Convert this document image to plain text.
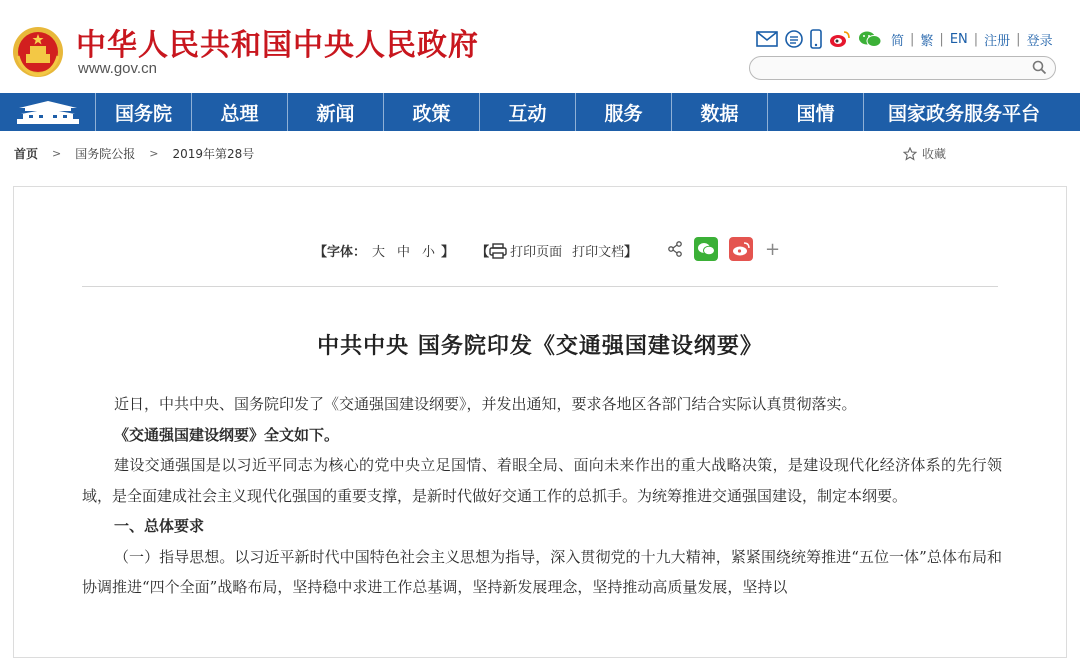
中华人民共和国中央人民政府
www.gov.cn
简 | 繁 | EN | 注册 | 登录
国务院	总理	新闻	政策	互动	服务	数据	国情	国家政务服务平台
首页 > 国务院公报 > 2019年第28号	收藏
【字体： 大 中 小 】 【 打印页面 打印文档 】	+
中共中央 国务院印发《交通强国建设纲要》

近日，中共中央、国务院印发了《交通强国建设纲要》，并发出通知，要求各地区各部门结合实际认真贯彻落实。

《交通强国建设纲要》全文如下。

建设交通强国是以习近平同志为核心的党中央立足国情、着眼全局、面向未来作出的重大战略决策，是建设现代化经济体系的先行领域，是全面建成社会主义现代化强国的重要支撑，是新时代做好交通工作的总抓手。为统筹推进交通强国建设，制定本纲要。

一、总体要求

（一）指导思想。以习近平新时代中国特色社会主义思想为指导，深入贯彻党的十九大精神，紧紧围绕统筹推进“五位一体”总体布局和协调推进“四个全面”战略布局，坚持稳中求进工作总基调，坚持新发展理念，坚持推动高质量发展，坚持以
